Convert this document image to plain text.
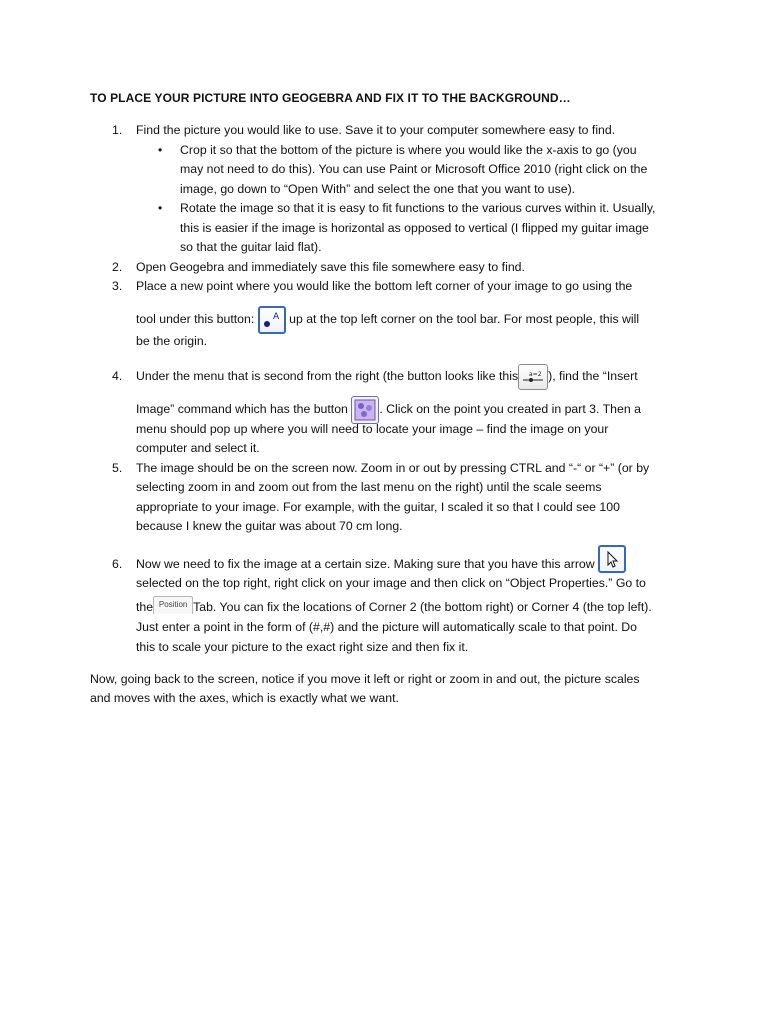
TO PLACE YOUR PICTURE INTO GEOGEBRA AND FIX IT TO THE BACKGROUND…
1. Find the picture you would like to use. Save it to your computer somewhere easy to find.
• Crop it so that the bottom of the picture is where you would like the x-axis to go (you
may not need to do this). You can use Paint or Microsoft Office 2010 (right click on the
image, go down to “Open With” and select the one that you want to use).
• Rotate the image so that it is easy to fit functions to the various curves within it. Usually,
this is easier if the image is horizontal as opposed to vertical (I flipped my guitar image
so that the guitar laid flat).
2. Open Geogebra and immediately save this file somewhere easy to find.
3. Place a new point where you would like the bottom left corner of your image to go using the
tool under this button: A up at the top left corner on the tool bar. For most people, this will
be the origin.
4. Under the menu that is second from the right (the button looks like this a=2 ), find the “Insert
Image” command which has the button	. Click on the point you created in part 3. Then a
menu should pop up where you will need to locate your image – find the image on your
computer and select it.
5. The image should be on the screen now. Zoom in or out by pressing CTRL and “-“ or “+” (or by
selecting zoom in and zoom out from the last menu on the right) until the scale seems
appropriate to your image. For example, with the guitar, I scaled it so that I could see 100
because I knew the guitar was about 70 cm long.
6. Now we need to fix the image at a certain size. Making sure that you have this arrow
selected on the top right, right click on your image and then click on “Object Properties.” Go to
the Position Tab. You can fix the locations of Corner 2 (the bottom right) or Corner 4 (the top left).
Just enter a point in the form of (#,#) and the picture will automatically scale to that point. Do
this to scale your picture to the exact right size and then fix it.
Now, going back to the screen, notice if you move it left or right or zoom in and out, the picture scales
and moves with the axes, which is exactly what we want.
